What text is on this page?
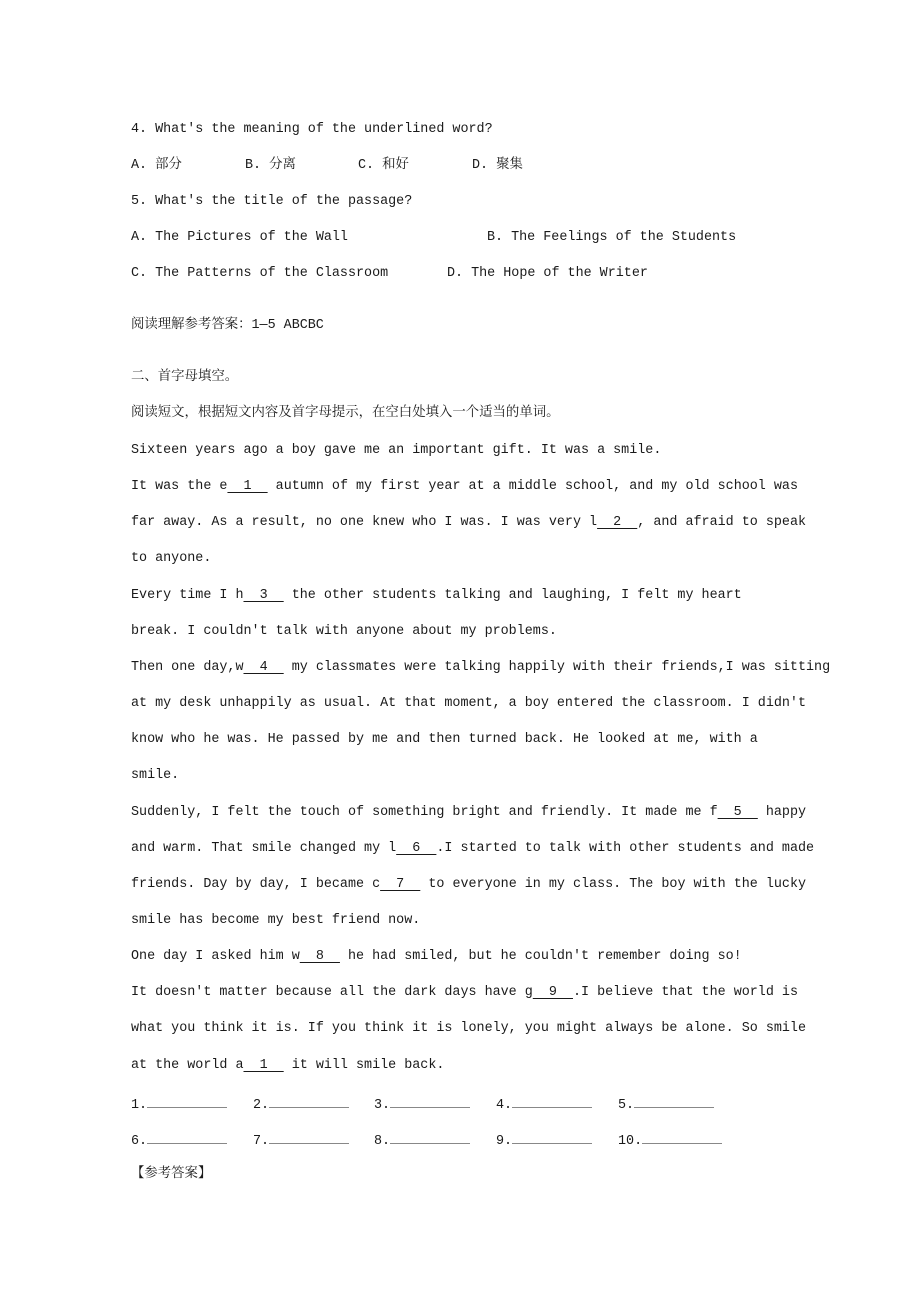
4. What's the meaning of the underlined word?
A. 部分	B. 分离	C. 和好	D. 聚集
5. What's the title of the passage?
A. The Pictures of the Wall	B. The Feelings of the Students
C. The Patterns of the Classroom	D. The Hope of the Writer
阅读理解参考答案：1—5 ABCBC
二、首字母填空。
阅读短文，根据短文内容及首字母提示，在空白处填入一个适当的单词。
Sixteen years ago a boy gave me an important gift. It was a smile.
It was the e  1   autumn of my first year at a middle school, and my old school was
far away. As a result, no one knew who I was. I was very l  2  , and afraid to speak
to anyone.
Every time I h  3   the other students talking and laughing, I felt my heart
break. I couldn't talk with anyone about my problems.
Then one day,w  4   my classmates were talking happily with their friends,I was sitting
at my desk unhappily as usual. At that moment, a boy entered the classroom. I didn't
know who he was. He passed by me and then turned back. He looked at me, with a
smile.
Suddenly, I felt the touch of something bright and friendly. It made me f  5   happy
and warm. That smile changed my l  6  .I started to talk with other students and made
friends. Day by day, I became c  7   to everyone in my class. The boy with the lucky
smile has become my best friend now.
One day I asked him w  8   he had smiled, but he couldn't remember doing so!
It doesn't matter because all the dark days have g  9  .I believe that the world is
what you think it is. If you think it is lonely, you might always be alone. So smile
at the world a  1   it will smile back.
1.	2.	3.	4.	5.
6.	7.	8.	9.	10.
【参考答案】
